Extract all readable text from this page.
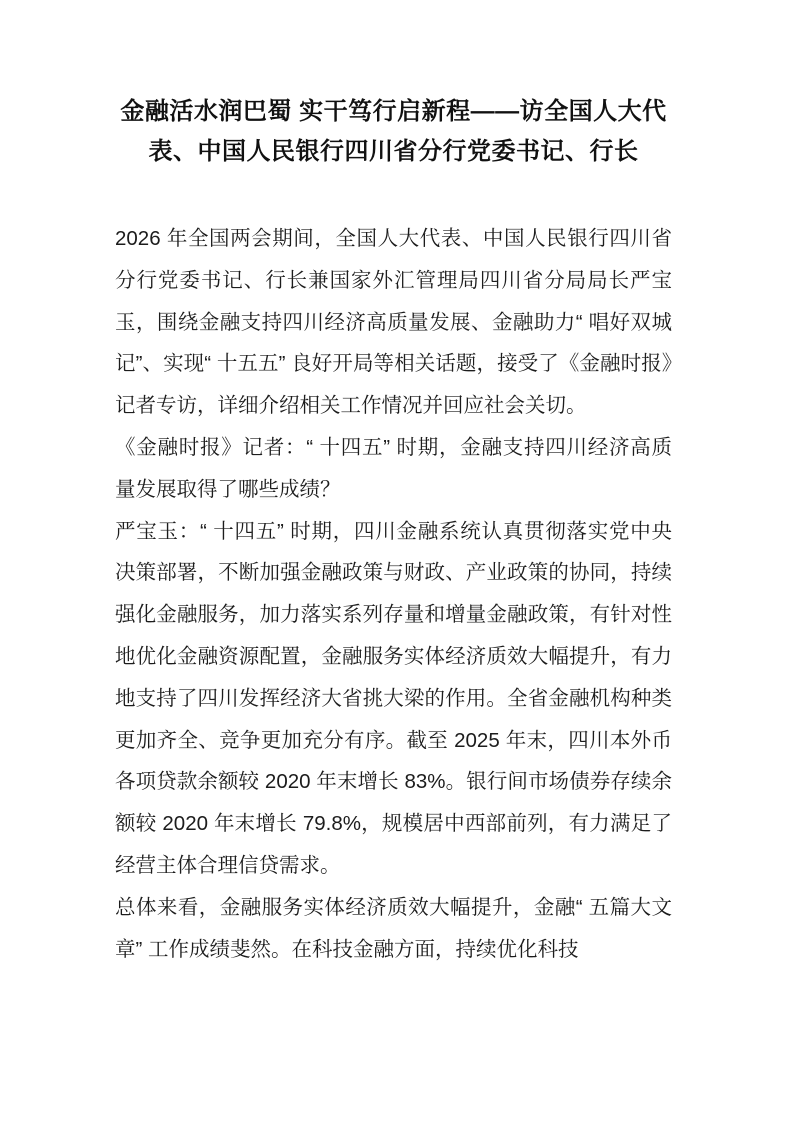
金融活水润巴蜀 实干笃行启新程——访全国人大代表、中国人民银行四川省分行党委书记、行长

2026 年全国两会期间，全国人大代表、中国人民银行四川省分行党委书记、行长兼国家外汇管理局四川省分局局长严宝玉，围绕金融支持四川经济高质量发展、金融助力“ 唱好双城记”、实现“ 十五五” 良好开局等相关话题，接受了《金融时报》记者专访，详细介绍相关工作情况并回应社会关切。

《金融时报》记者：“ 十四五” 时期，金融支持四川经济高质量发展取得了哪些成绩？

严宝玉：“ 十四五” 时期，四川金融系统认真贯彻落实党中央决策部署，不断加强金融政策与财政、产业政策的协同，持续强化金融服务，加力落实系列存量和增量金融政策，有针对性地优化金融资源配置，金融服务实体经济质效大幅提升，有力地支持了四川发挥经济大省挑大梁的作用。全省金融机构种类更加齐全、竞争更加充分有序。截至 2025 年末，四川本外币各项贷款余额较 2020 年末增长 83%。银行间市场债券存续余额较 2020 年末增长 79.8%，规模居中西部前列，有力满足了经营主体合理信贷需求。

总体来看，金融服务实体经济质效大幅提升，金融“ 五篇大文章” 工作成绩斐然。在科技金融方面，持续优化科技
